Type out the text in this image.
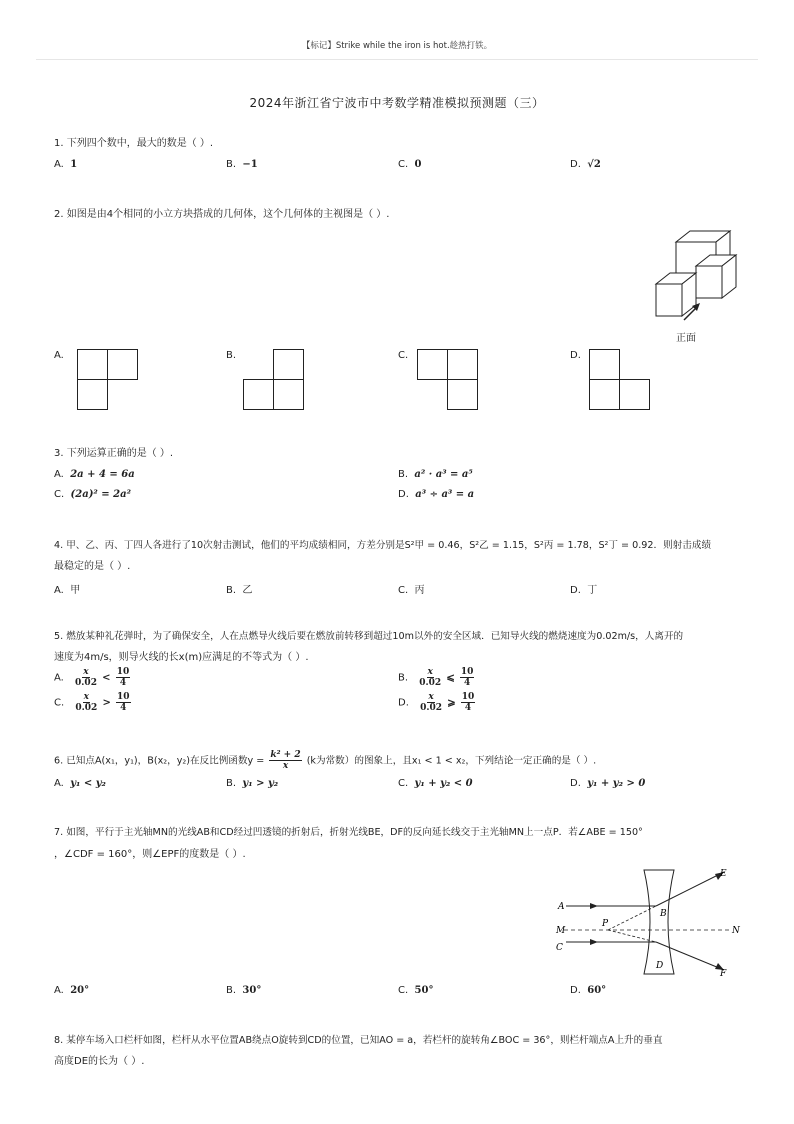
【标记】Strike while the iron is hot.趁热打铁。
2024年浙江省宁波市中考数学精准模拟预测题（三）
1. 下列四个数中，最大的数是（ ）.
A. 1	B. −1	C. 0	D. √2
2. 如图是由4个相同的小立方块搭成的几何体，这个几何体的主视图是（ ）.
正面
A.	B.	C.	D.
3. 下列运算正确的是（ ）.
A. 2a + 4 = 6a	B. a² · a³ = a⁵
C. (2a)² = 2a²	D. a³ ÷ a³ = a
4. 甲、乙、丙、丁四人各进行了10次射击测试，他们的平均成绩相同，方差分别是S²甲 = 0.46，S²乙 = 1.15，S²丙 = 1.78，S²丁 = 0.92．则射击成绩
最稳定的是（ ）.
A. 甲	B. 乙	C. 丙	D. 丁
5. 燃放某种礼花弹时，为了确保安全，人在点燃导火线后要在燃放前转移到超过10m以外的安全区域．已知导火线的燃烧速度为0.02m/s，人离开的
速度为4m/s，则导火线的长x(m)应满足的不等式为（ ）.
A. $\frac{x}{0.02} < \frac{10}{4}$	B. $\frac{x}{0.02}$ ⩽ $\frac{10}{4}$
C. $\frac{x}{0.02} > \frac{10}{4}$	D. $\frac{x}{0.02}$ ⩾ $\frac{10}{4}$
6. 已知点A(x₁，y₁)，B(x₂，y₂)在反比例函数$y = \frac{\text{k² + 2}}{x} (k$为常数）的图象上，且x₁ < 1 < x₂，下列结论一定正确的是（ ）.
A. y₁ < y₂	B. y₁ > y₂	C. y₁ + y₂ < 0	D. y₁ + y₂ > 0
7. 如图，平行于主光轴MN的光线AB和CD经过凹透镜的折射后，折射光线BE，DF的反向延长线交于主光轴MN上一点P．若∠ABE = 150°
，∠CDF = 160°，则∠EPF的度数是（ ）.
A
B
C
D
E
F
M	N
P
A. 20°	B. 30°	C. 50°	D. 60°
8. 某停车场入口栏杆如图，栏杆从水平位置AB绕点O旋转到CD的位置，已知AO = a，若栏杆的旋转角∠BOC = 36°，则栏杆端点A上升的垂直
高度DE的长为（ ）.
